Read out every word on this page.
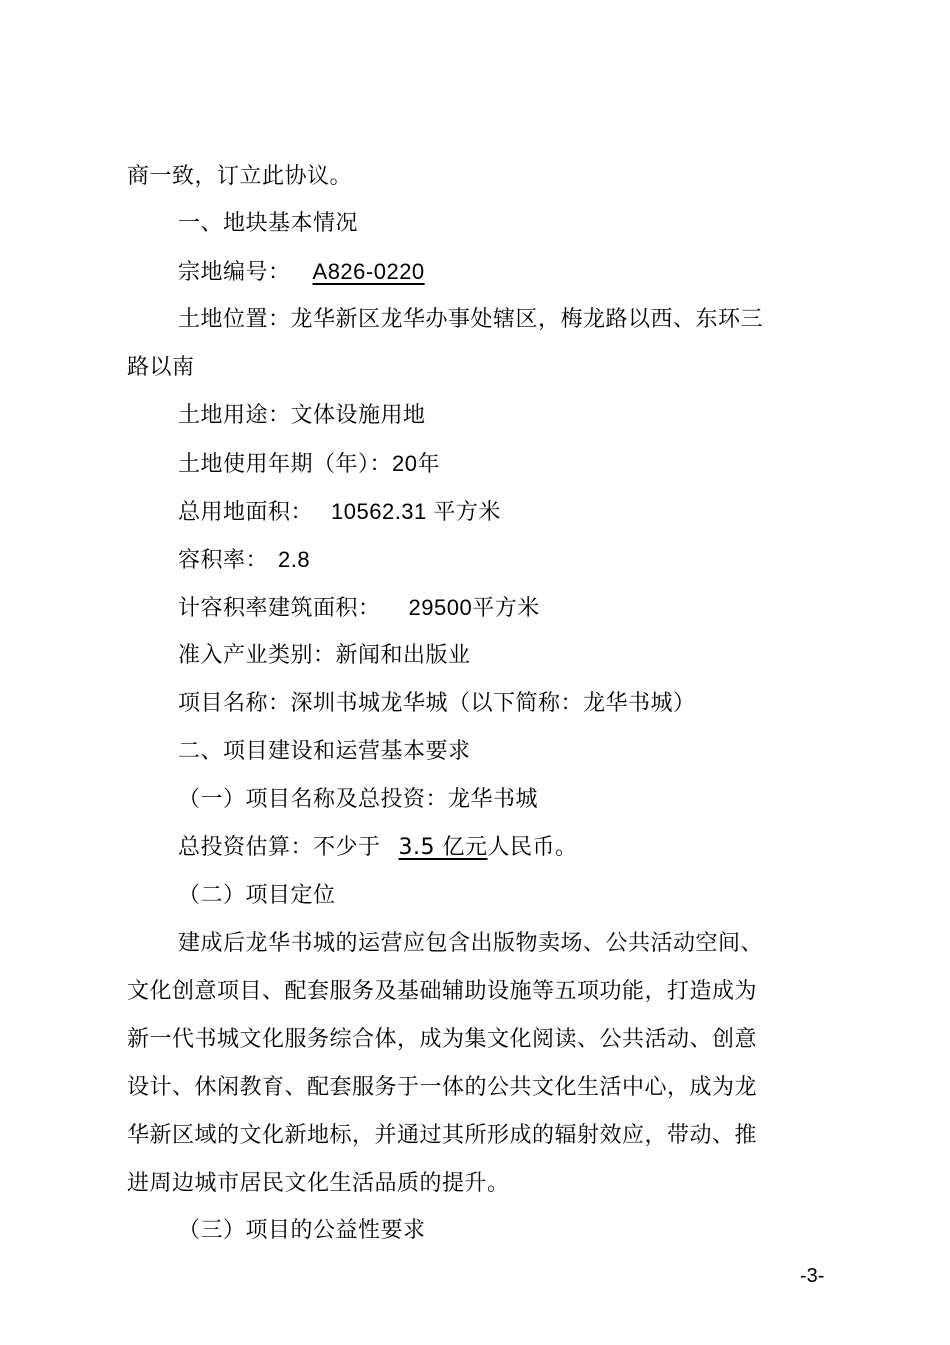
商一致，订立此协议。
一、地块基本情况
宗地编号： A826-0220
土地位置：龙华新区龙华办事处辖区，梅龙路以西、东环三
路以南
土地用途：文体设施用地
土地使用年期（年）：20年
总用地面积： 10562.31 平方米
容积率： 2.8
计容积率建筑面积： 29500平方米
准入产业类别：新闻和出版业
项目名称：深圳书城龙华城（以下简称：龙华书城）
二、项目建设和运营基本要求
（一）项目名称及总投资：龙华书城
总投资估算：不少于 3.5 亿元人民币。
（二）项目定位
建成后龙华书城的运营应包含出版物卖场、公共活动空间、
文化创意项目、配套服务及基础辅助设施等五项功能，打造成为
新一代书城文化服务综合体，成为集文化阅读、公共活动、创意
设计、休闲教育、配套服务于一体的公共文化生活中心，成为龙
华新区域的文化新地标，并通过其所形成的辐射效应，带动、推
进周边城市居民文化生活品质的提升。
（三）项目的公益性要求
-3-
